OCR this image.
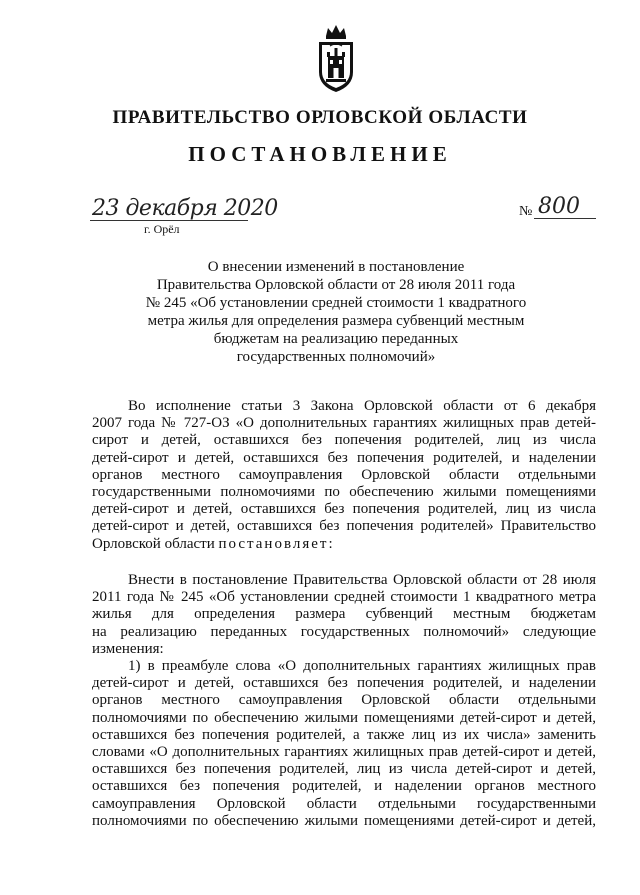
ПРАВИТЕЛЬСТВО ОРЛОВСКОЙ ОБЛАСТИ
ПОСТАНОВЛЕНИЕ
23 декабря 2020
г. Орёл
№ 800
О внесении изменений в постановление
Правительства Орловской области от 28 июля 2011 года
№ 245 «Об установлении средней стоимости 1 квадратного
метра жилья для определения размера субвенций местным
бюджетам на реализацию переданных
государственных полномочий»
Во исполнение статьи 3 Закона Орловской области от 6 декабря
2007 года № 727-ОЗ «О дополнительных гарантиях жилищных прав детей-
сирот и детей, оставшихся без попечения родителей, лиц из числа
детей-сирот и детей, оставшихся без попечения родителей, и наделении
органов местного самоуправления Орловской области отдельными
государственными полномочиями по обеспечению жилыми помещениями
детей-сирот и детей, оставшихся без попечения родителей, лиц из числа
детей-сирот и детей, оставшихся без попечения родителей» Правительство
Орловской области постановляет:
Внести в постановление Правительства Орловской области от 28 июля
2011 года № 245 «Об установлении средней стоимости 1 квадратного метра
жилья для определения размера субвенций местным бюджетам
на реализацию переданных государственных полномочий» следующие
изменения:
1) в преамбуле слова «О дополнительных гарантиях жилищных прав
детей-сирот и детей, оставшихся без попечения родителей, и наделении
органов местного самоуправления Орловской области отдельными
полномочиями по обеспечению жилыми помещениями детей-сирот и детей,
оставшихся без попечения родителей, а также лиц из их числа» заменить
словами «О дополнительных гарантиях жилищных прав детей-сирот и детей,
оставшихся без попечения родителей, лиц из числа детей-сирот и детей,
оставшихся без попечения родителей, и наделении органов местного
самоуправления Орловской области отдельными государственными
полномочиями по обеспечению жилыми помещениями детей-сирот и детей,
